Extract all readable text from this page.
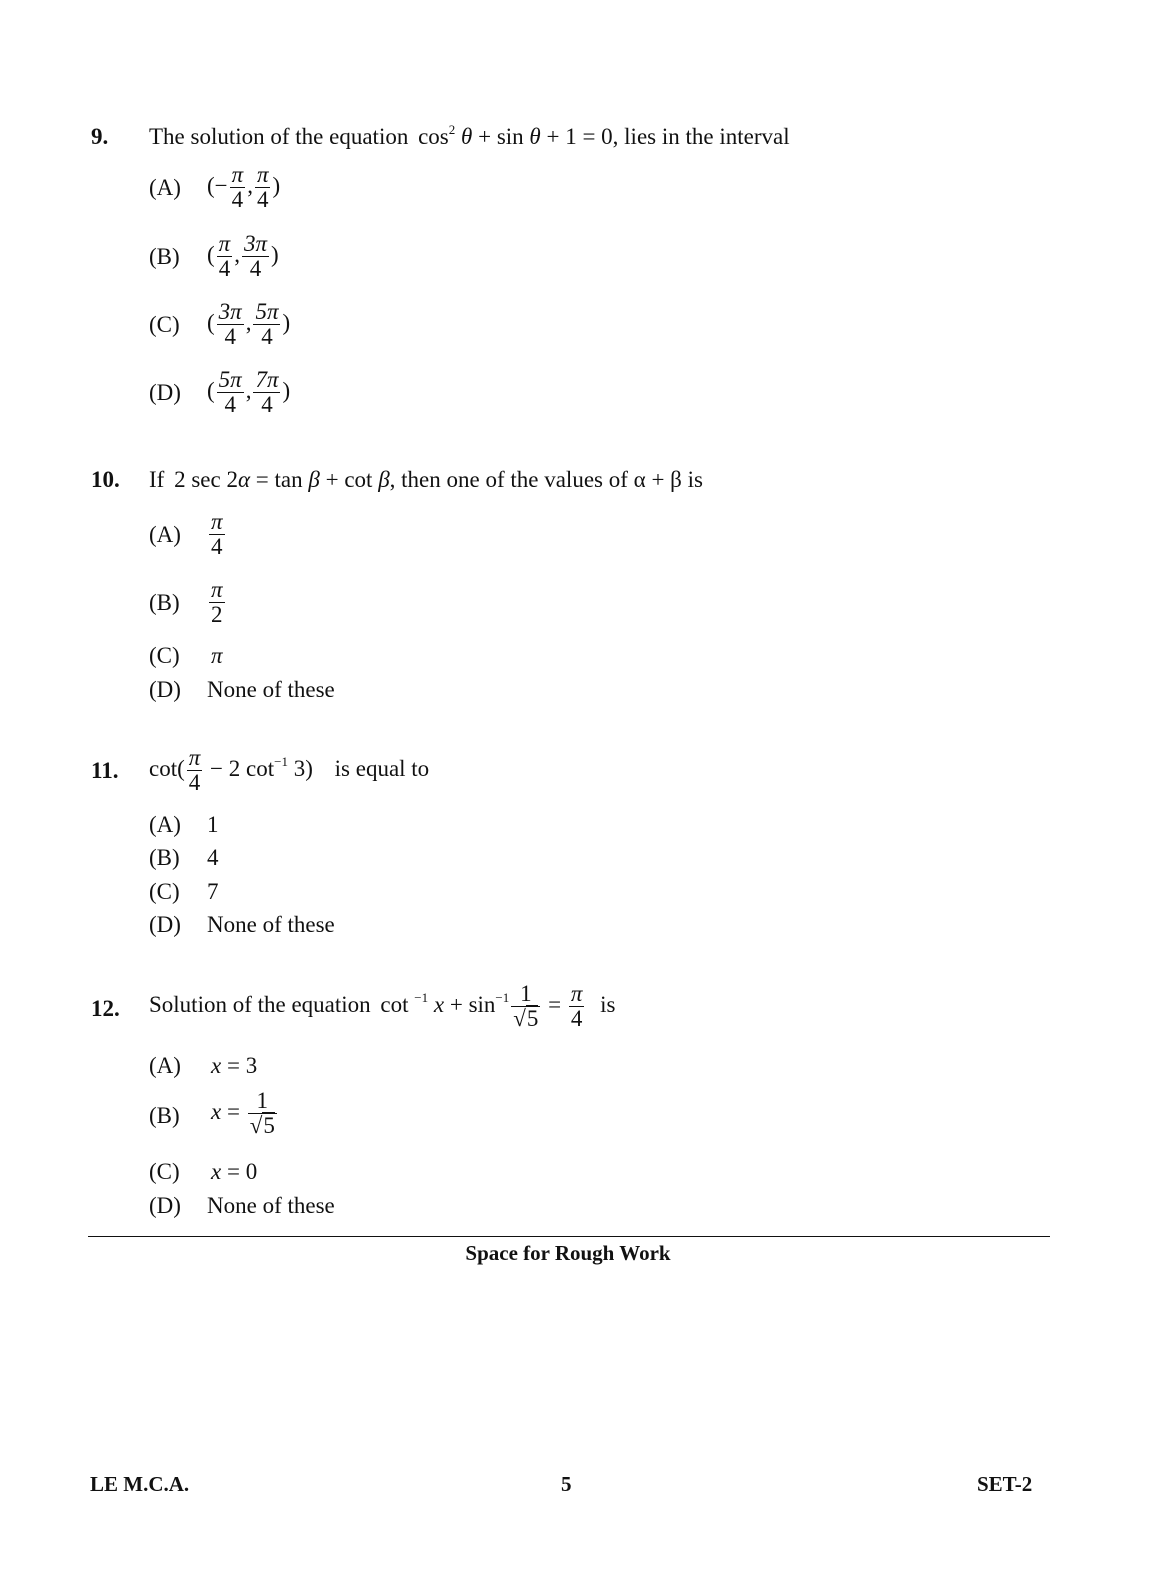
9. The solution of the equation $\cos^2 \theta + \sin \theta + 1 = 0$, lies in the interval
(A) (− $\frac{\pi}{4}$ , $\frac{\pi}{4}$ )
(B) ( $\frac{\pi}{4}$ , $\frac{3\pi}{4}$ )
(C) ( $\frac{3\pi}{4}$ , $\frac{5\pi}{4}$ )
(D) ( $\frac{5\pi}{4}$ , $\frac{7\pi}{4}$ )
10. If 2 sec 2α = tan β + cot β, then one of the values of α + β is
$(A) \frac{\pi}{4}$
$(B) \frac{\pi}{2}$
(C) π
(D) None of these
11. $\cot( \frac{\pi}{4} - 2$ $\cot^{-1} 3$) is equal to
(A) 1
(B) 4
(C) 7
(D) None of these
12. Solution of the equation cot $^{-1}$ $x + \sin^{-1} \frac{1}{√5} = \frac{\pi}{4}$ is
(A) x = 3
(B) $x = \frac{1}{√5}$
(C) x = 0
(D) None of these
Space for Rough Work
LE M.C.A.	5	SET-2
